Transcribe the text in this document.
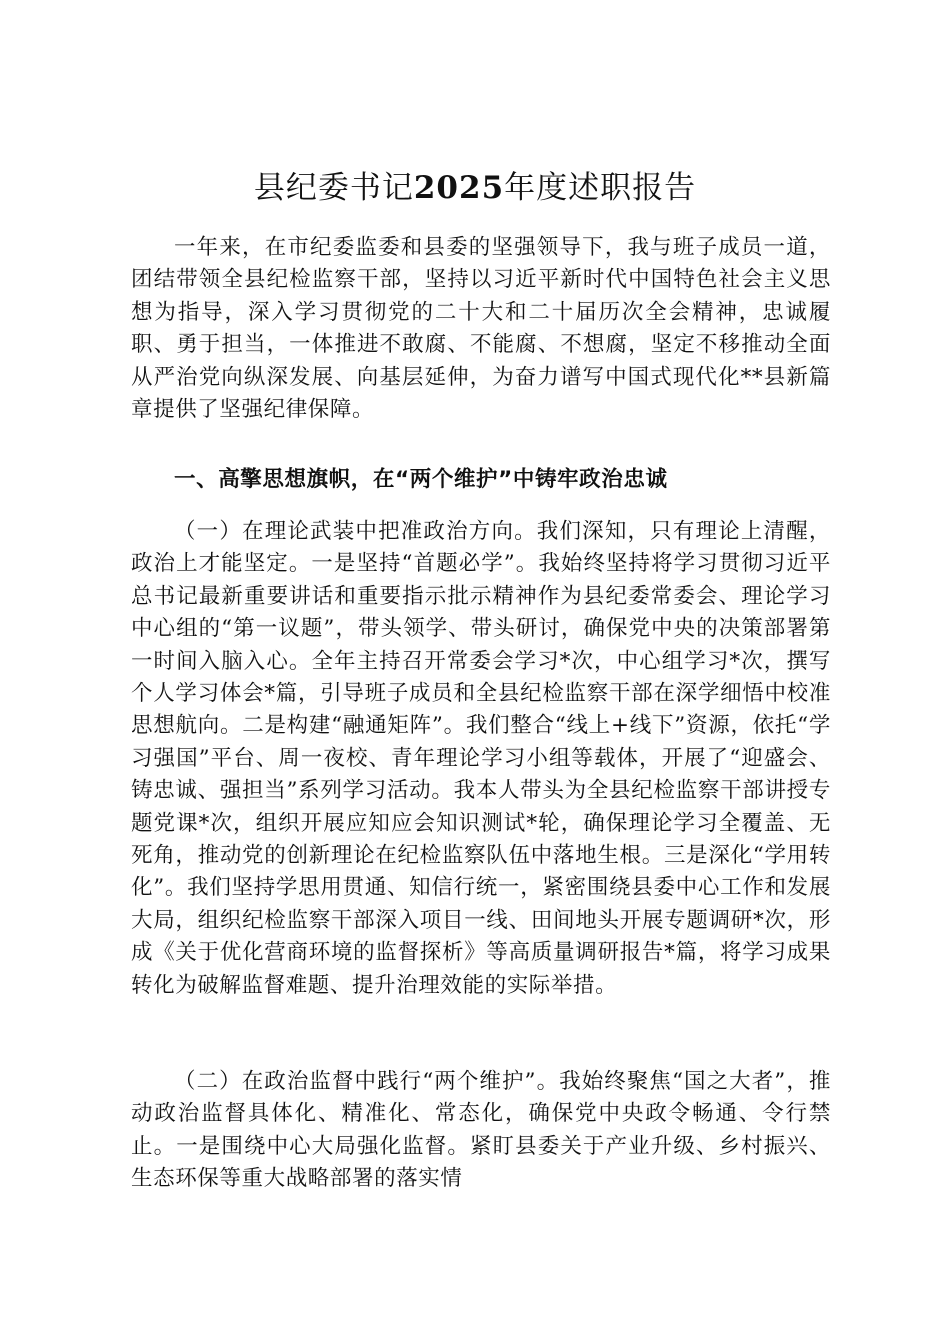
县纪委书记2025年度述职报告

一年来，在市纪委监委和县委的坚强领导下，我与班子成员一道，团结带领全县纪检监察干部，坚持以习近平新时代中国特色社会主义思想为指导，深入学习贯彻党的二十大和二十届历次全会精神，忠诚履职、勇于担当，一体推进不敢腐、不能腐、不想腐，坚定不移推动全面从严治党向纵深发展、向基层延伸，为奋力谱写中国式现代化**县新篇章提供了坚强纪律保障。

一、高擎思想旗帜，在“两个维护”中铸牢政治忠诚

（一）在理论武装中把准政治方向。我们深知，只有理论上清醒，政治上才能坚定。一是坚持“首题必学”。我始终坚持将学习贯彻习近平总书记最新重要讲话和重要指示批示精神作为县纪委常委会、理论学习中心组的“第一议题”，带头领学、带头研讨，确保党中央的决策部署第一时间入脑入心。全年主持召开常委会学习*次，中心组学习*次，撰写个人学习体会*篇，引导班子成员和全县纪检监察干部在深学细悟中校准思想航向。二是构建“融通矩阵”。我们整合“线上+线下”资源，依托“学习强国”平台、周一夜校、青年理论学习小组等载体，开展了“迎盛会、铸忠诚、强担当”系列学习活动。我本人带头为全县纪检监察干部讲授专题党课*次，组织开展应知应会知识测试*轮，确保理论学习全覆盖、无死角，推动党的创新理论在纪检监察队伍中落地生根。三是深化“学用转化”。我们坚持学思用贯通、知信行统一，紧密围绕县委中心工作和发展大局，组织纪检监察干部深入项目一线、田间地头开展专题调研*次，形成《关于优化营商环境的监督探析》等高质量调研报告*篇，将学习成果转化为破解监督难题、提升治理效能的实际举措。

（二）在政治监督中践行“两个维护”。我始终聚焦“国之大者”，推动政治监督具体化、精准化、常态化，确保党中央政令畅通、令行禁止。一是围绕中心大局强化监督。紧盯县委关于产业升级、乡村振兴、生态环保等重大战略部署的落实情
